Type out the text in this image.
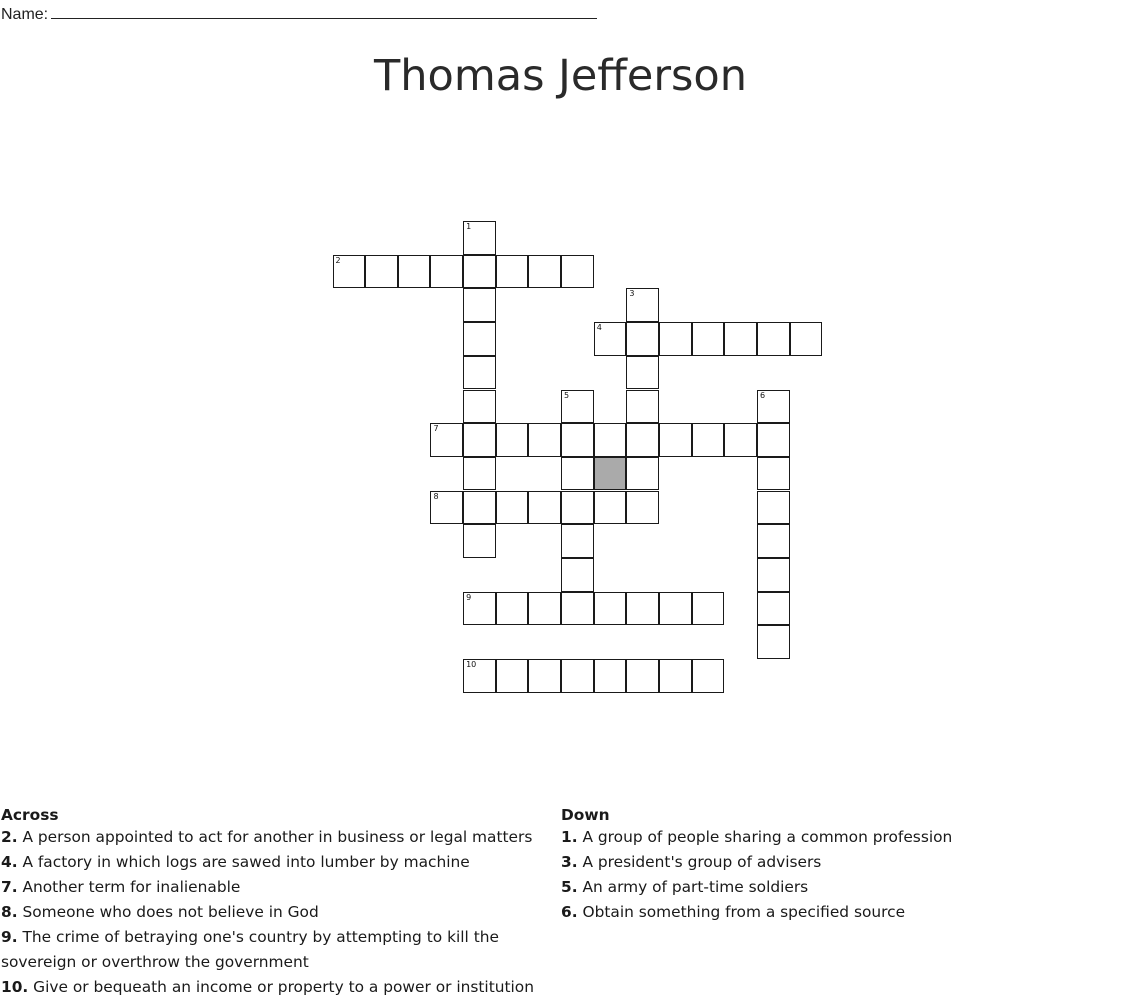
Name:
Thomas Jefferson
1
2
3
4
5	6
7
8
9
10
Across

2. A person appointed to act for another in business or legal matters

4. A factory in which logs are sawed into lumber by machine

7. Another term for inalienable

8. Someone who does not believe in God

9. The crime of betraying one's country by attempting to kill the sovereign or overthrow the government

10. Give or bequeath an income or property to a power or institution

Down

1. A group of people sharing a common profession

3. A president's group of advisers

5. An army of part-time soldiers

6. Obtain something from a specified source
